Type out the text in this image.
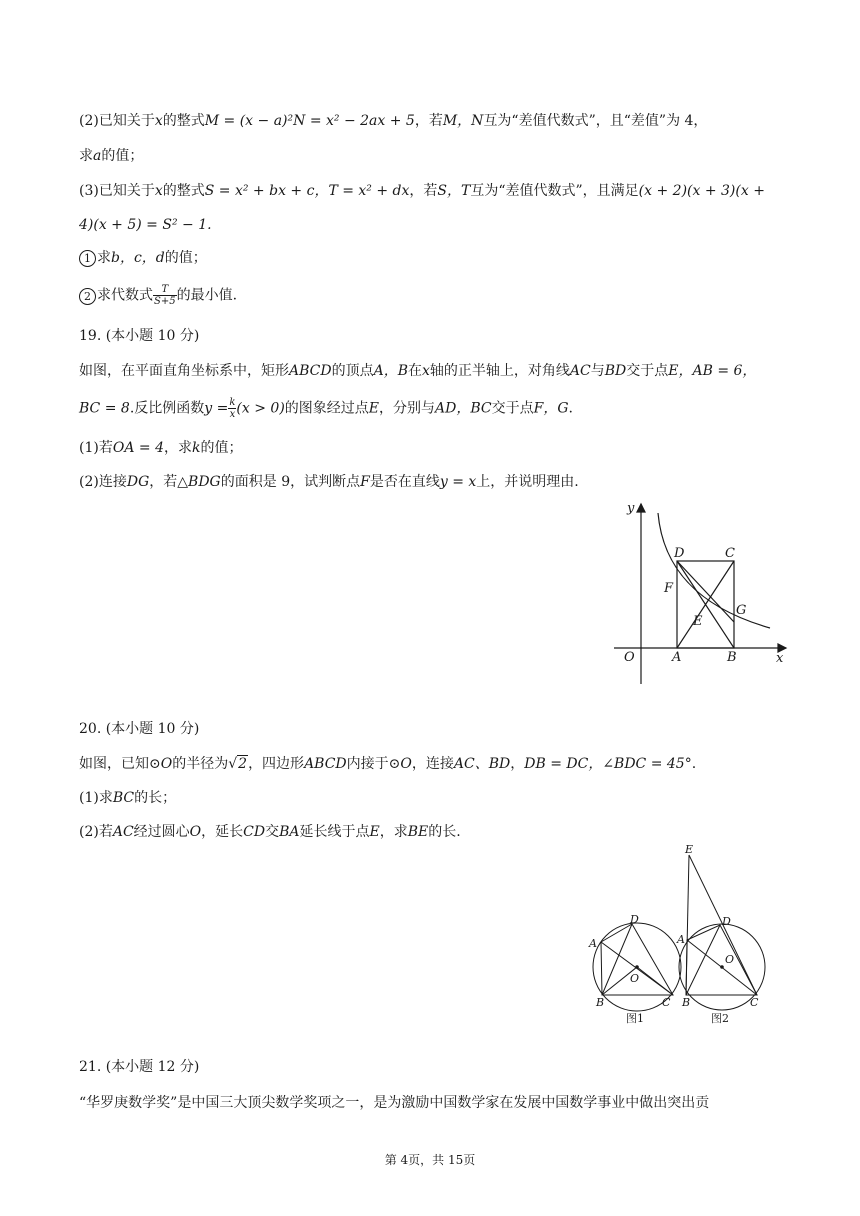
(2)已知关于x的整式M = (x − a)²N = x² − 2ax + 5，若M，N互为“差值代数式”，且“差值”为 4，
求a的值；
(3)已知关于x的整式S = x² + bx + c，T = x² + dx，若S，T互为“差值代数式”，且满足(x + 2)(x + 3)(x +
4)(x + 5) = S² − 1.
1 求b，c，d的值；
2 求代数式 $\frac{T}{S+5}$ 的最小值.
19. (本小题 10 分)
如图，在平面直角坐标系中，矩形ABCD的顶点A，B在x轴的正半轴上，对角线AC与BD交于点E，AB = 6，
BC = 8.反比例函数$y = \frac{k}{x} (x > 0)$的图象经过点E，分别与AD，BC交于点F，G.
(1)若OA = 4，求k的值；
(2)连接DG，若△BDG的面积是 9，试判断点F是否在直线y = x上，并说明理由.
y
x
O	A	B
C
D
E
F
G
20. (本小题 10 分)
如图，已知⊙O的半径为√2，四边形ABCD内接于⊙O，连接AC、BD，DB = DC，∠BDC = 45°.
(1)求BC的长；
(2)若AC经过圆心O，延长CD交BA延长线于点E，求BE的长.
A
B	C
D
O
图1
A
B	C
D
O
E
图2
21. (本小题 12 分)
“华罗庚数学奖”是中国三大顶尖数学奖项之一，是为激励中国数学家在发展中国数学事业中做出突出贡
第 4页，共 15页
